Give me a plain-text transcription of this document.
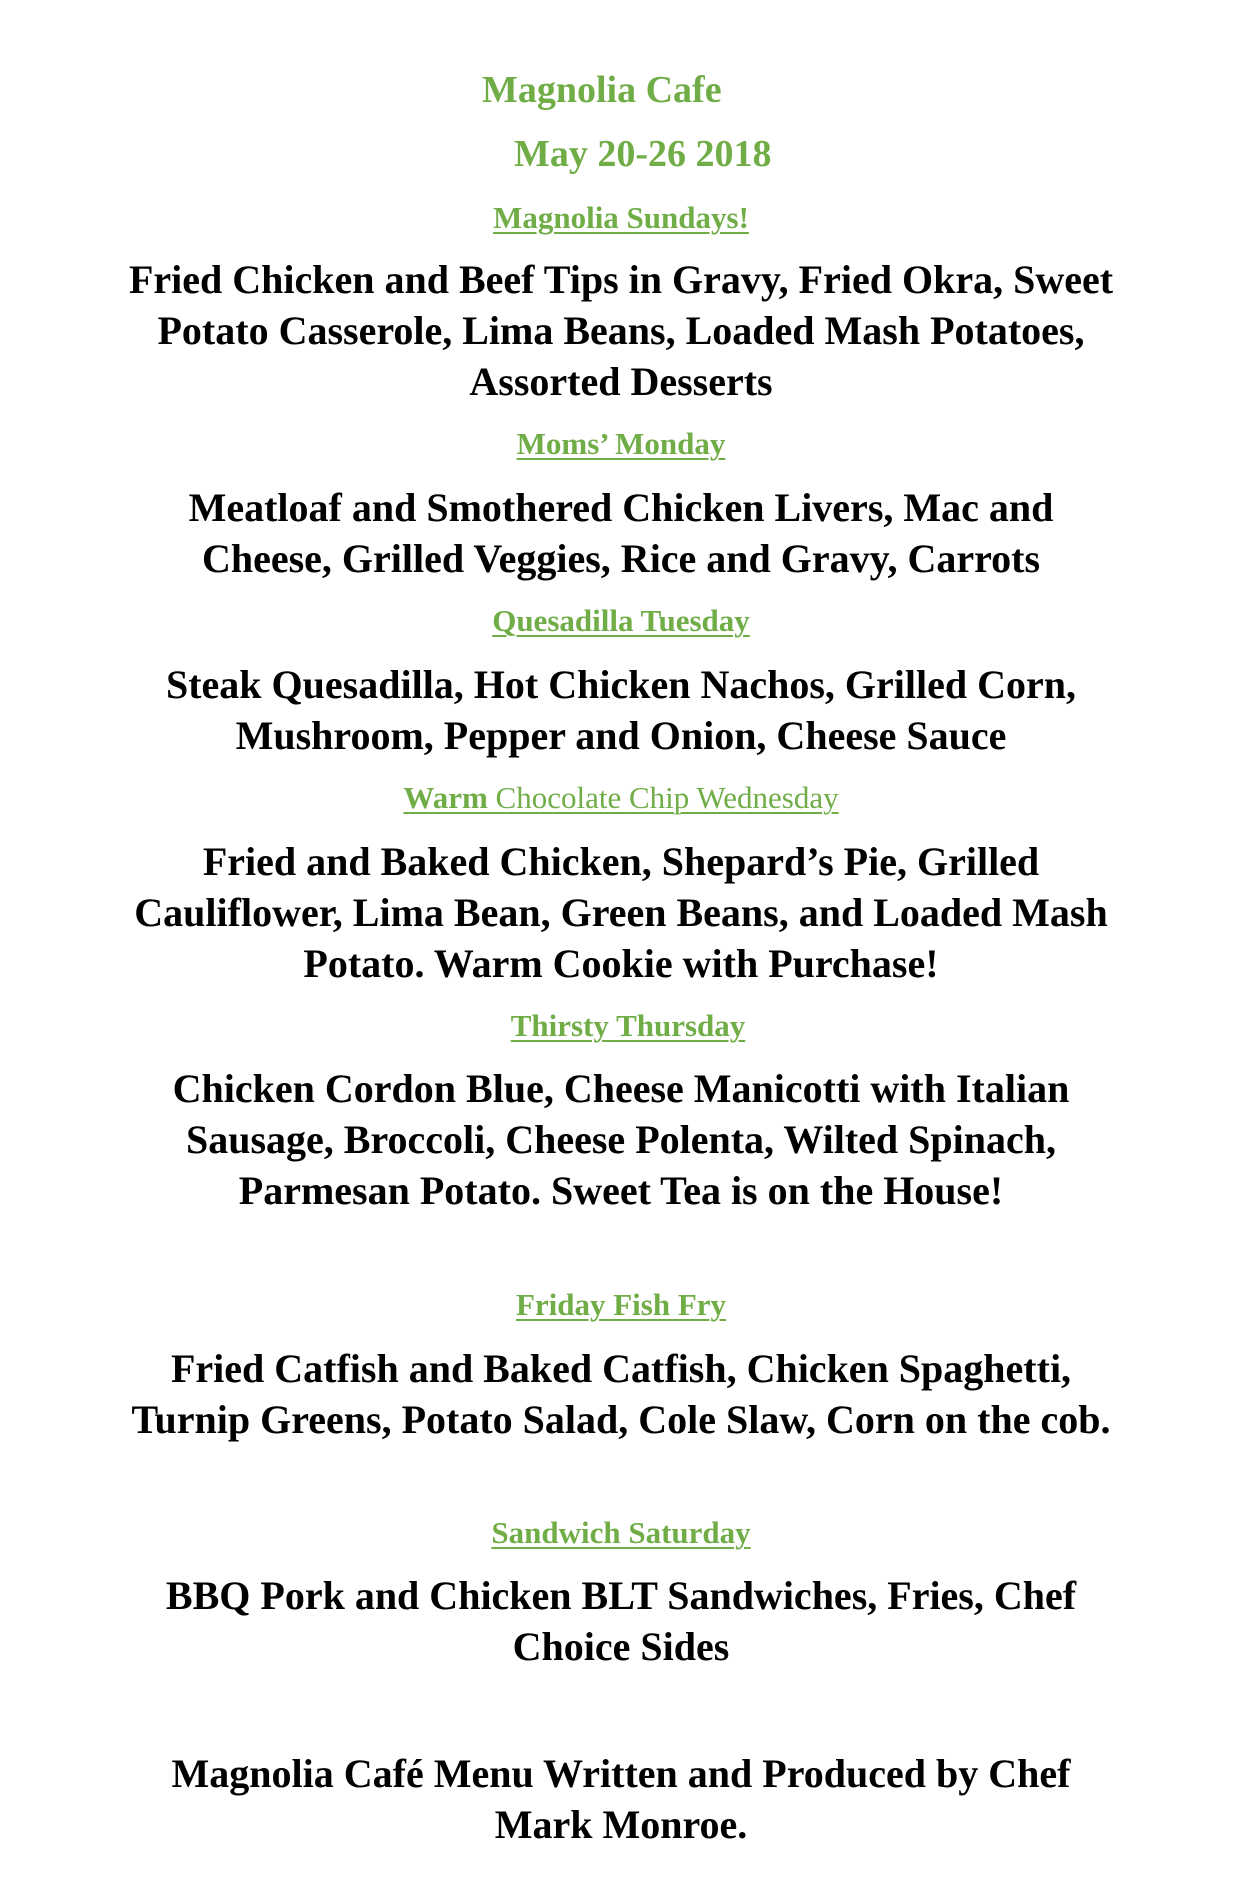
Magnolia Cafe
May 20-26 2018
Magnolia Sundays!
Fried Chicken and Beef Tips in Gravy, Fried Okra, Sweet Potato Casserole, Lima Beans, Loaded Mash Potatoes, Assorted Desserts
Moms’ Monday
Meatloaf and Smothered Chicken Livers, Mac and Cheese, Grilled Veggies, Rice and Gravy, Carrots
Quesadilla Tuesday
Steak Quesadilla, Hot Chicken Nachos, Grilled Corn, Mushroom, Pepper and Onion, Cheese Sauce
Warm Chocolate Chip Wednesday
Fried and Baked Chicken, Shepard’s Pie, Grilled Cauliflower, Lima Bean, Green Beans, and Loaded Mash Potato. Warm Cookie with Purchase!
Thirsty Thursday
Chicken Cordon Blue, Cheese Manicotti with Italian Sausage, Broccoli, Cheese Polenta, Wilted Spinach, Parmesan Potato. Sweet Tea is on the House!
Friday Fish Fry
Fried Catfish and Baked Catfish, Chicken Spaghetti, Turnip Greens, Potato Salad, Cole Slaw, Corn on the cob.
Sandwich Saturday
BBQ Pork and Chicken BLT Sandwiches, Fries, Chef Choice Sides
Magnolia Café Menu Written and Produced by Chef Mark Monroe.
